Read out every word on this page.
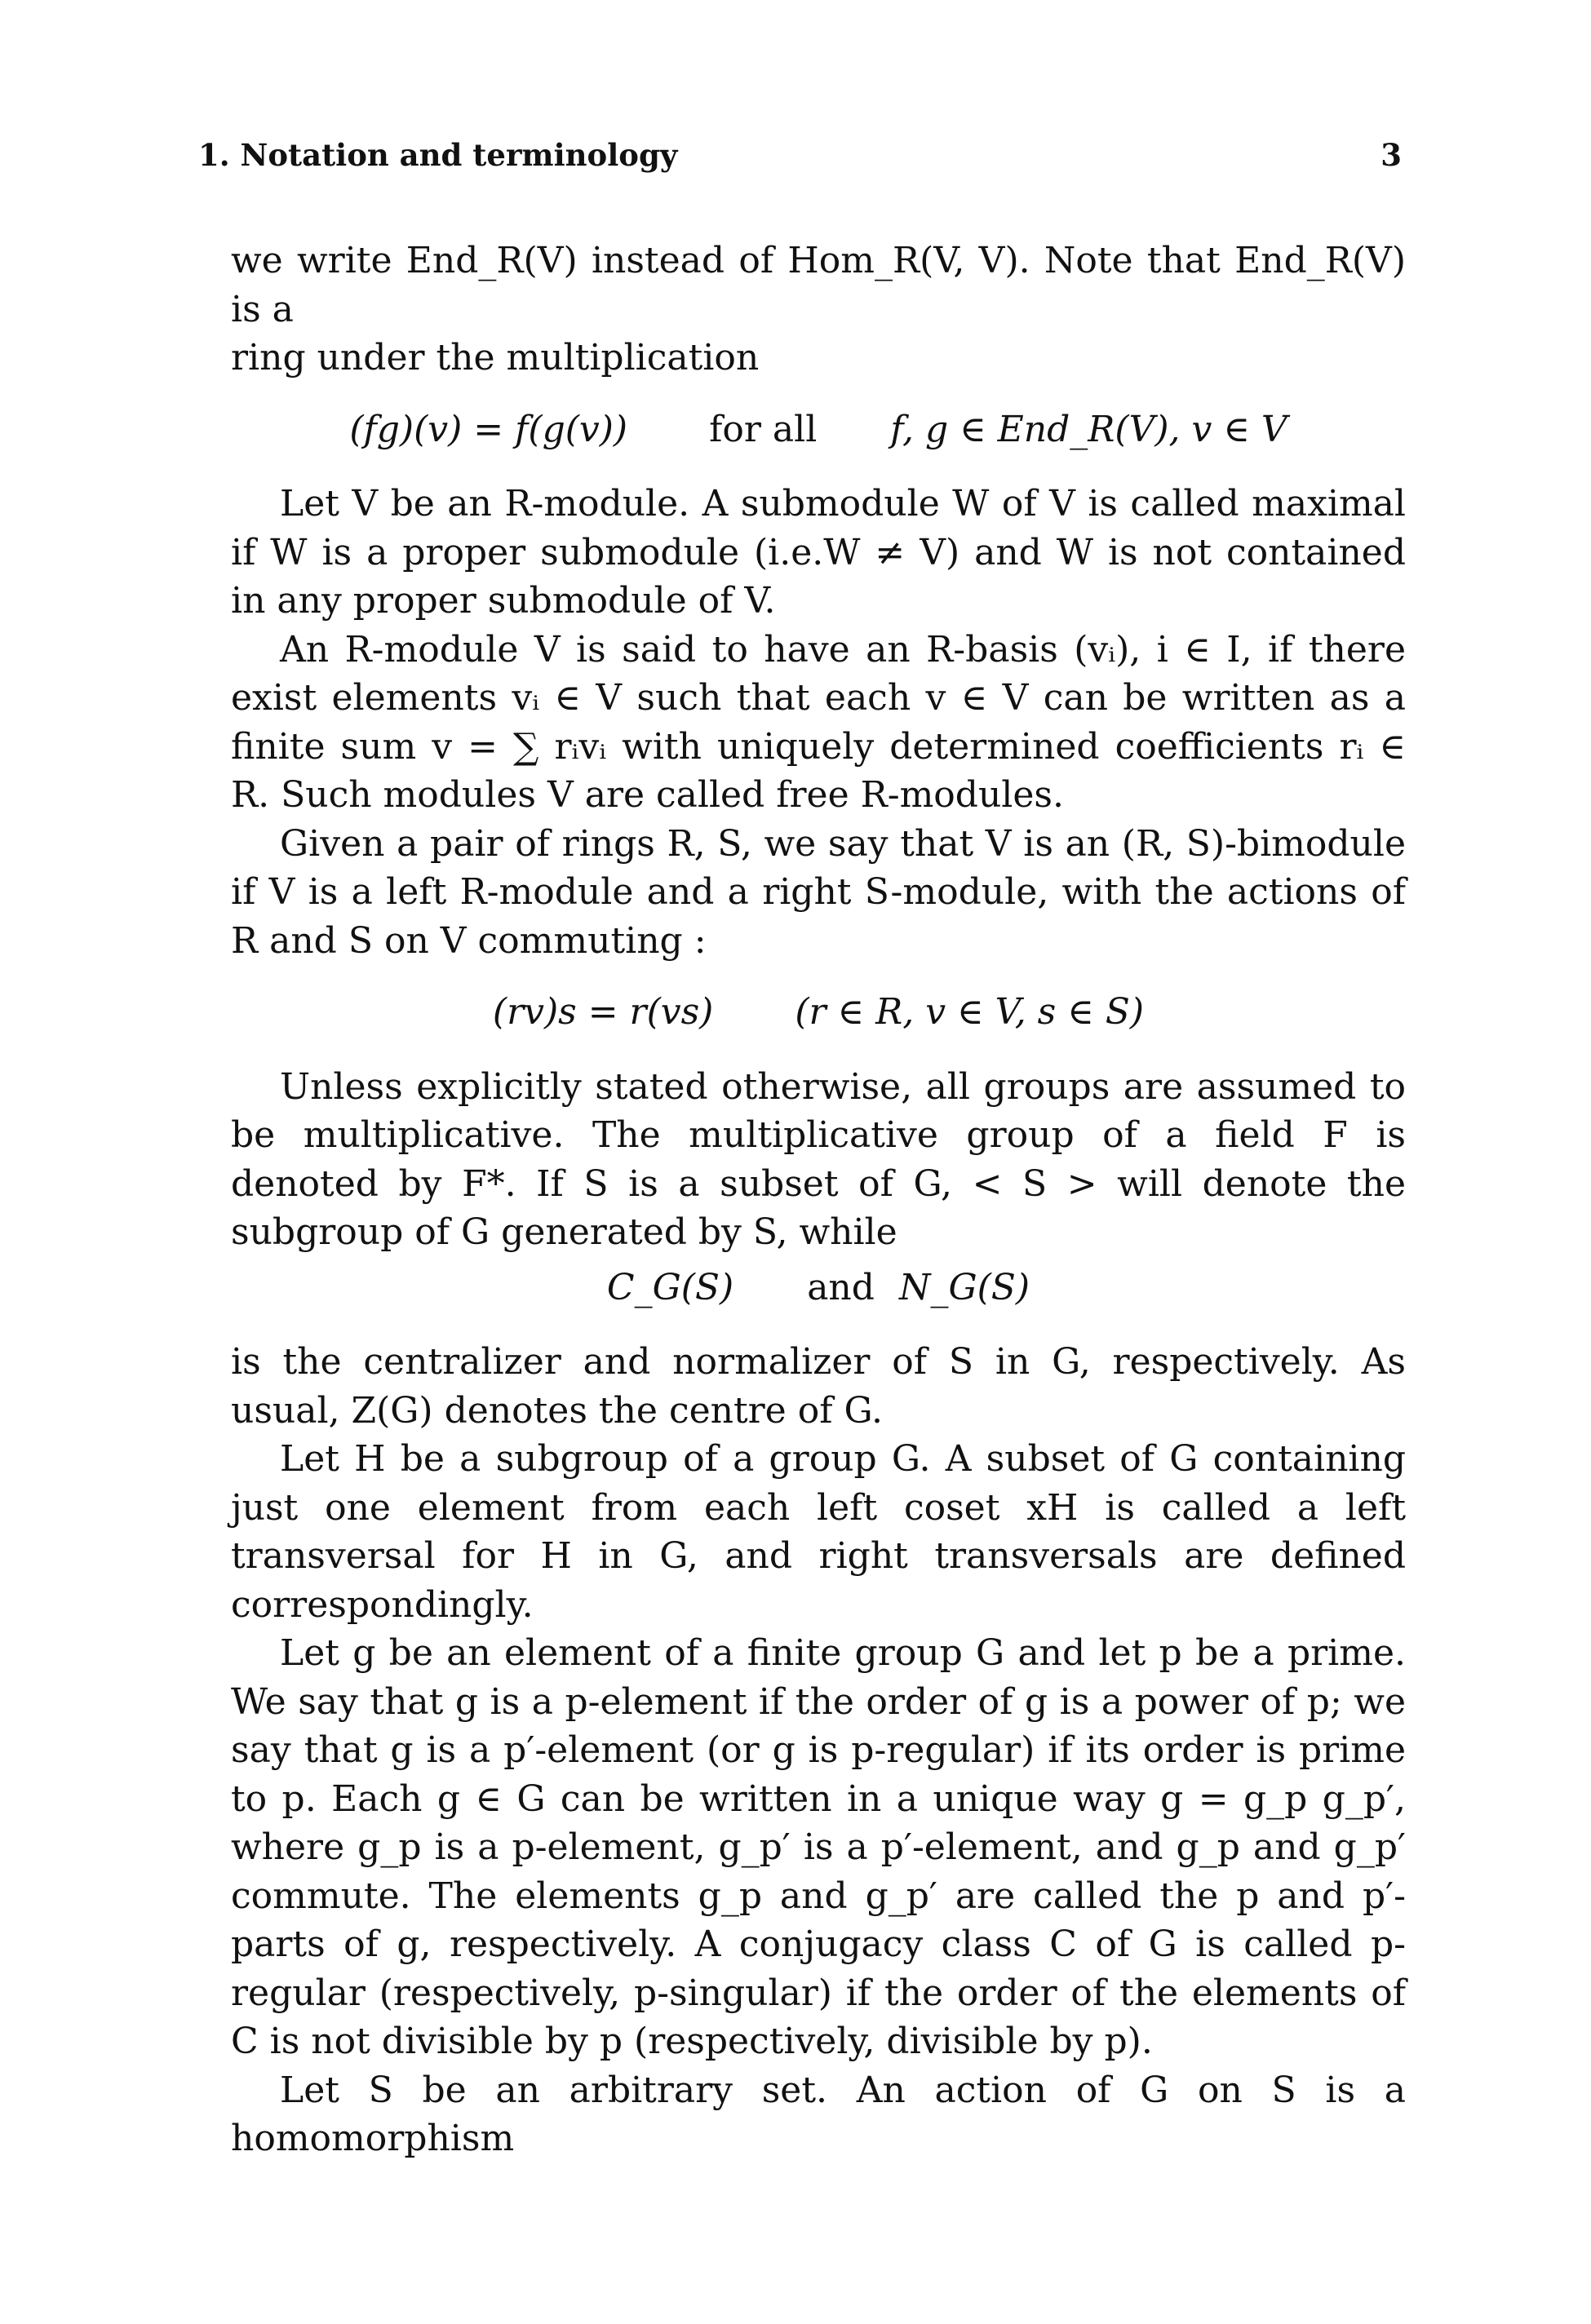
1. Notation and terminology	3

we write End_R(V) instead of Hom_R(V, V). Note that End_R(V) is a

ring under the multiplication

(fg)(v) = f(g(v)) for all f, g ∈ End_R(V), v ∈ V

Let V be an R-module. A submodule W of V is called maximal if W is a proper submodule (i.e.W ≠ V) and W is not contained in any proper submodule of V.

An R-module V is said to have an R-basis (vᵢ), i ∈ I, if there exist elements vᵢ ∈ V such that each v ∈ V can be written as a finite sum v = ∑ rᵢvᵢ with uniquely determined coefficients rᵢ ∈ R. Such modules V are called free R-modules.

Given a pair of rings R, S, we say that V is an (R, S)-bimodule if V is a left R-module and a right S-module, with the actions of R and S on V commuting :

(rv)s = r(vs) (r ∈ R, v ∈ V, s ∈ S)

Unless explicitly stated otherwise, all groups are assumed to be multiplicative. The multiplicative group of a field F is denoted by F*. If S is a subset of G, < S > will denote the subgroup of G generated by S, while

C_G(S) and N_G(S)

is the centralizer and normalizer of S in G, respectively. As usual, Z(G) denotes the centre of G.

Let H be a subgroup of a group G. A subset of G containing just one element from each left coset xH is called a left transversal for H in G, and right transversals are defined correspondingly.

Let g be an element of a finite group G and let p be a prime. We say that g is a p-element if the order of g is a power of p; we say that g is a p′-element (or g is p-regular) if its order is prime to p. Each g ∈ G can be written in a unique way g = g_p g_p′, where g_p is a p-element, g_p′ is a p′-element, and g_p and g_p′ commute. The elements g_p and g_p′ are called the p and p′-parts of g, respectively. A conjugacy class C of G is called p-regular (respectively, p-singular) if the order of the elements of C is not divisible by p (respectively, divisible by p).

Let S be an arbitrary set. An action of G on S is a homomorphism
